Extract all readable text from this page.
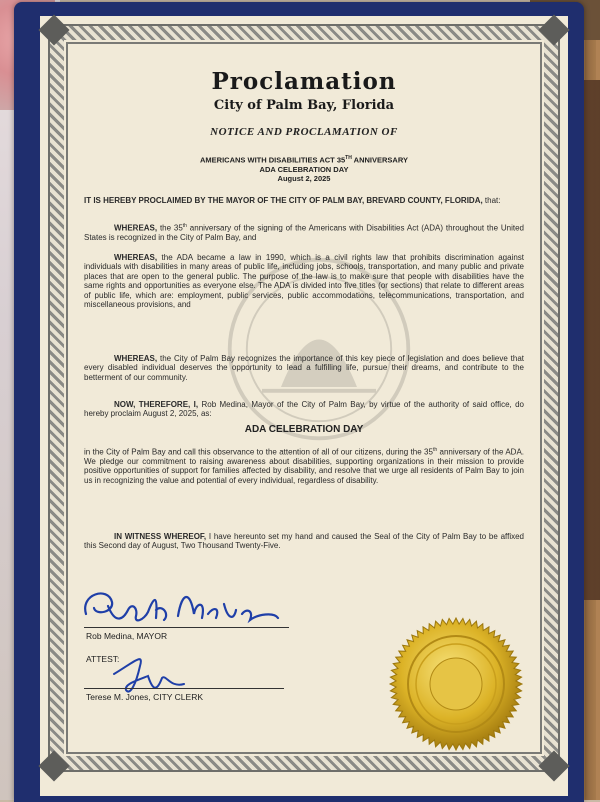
Proclamation
City of Palm Bay, Florida
NOTICE AND PROCLAMATION OF
AMERICANS WITH DISABILITIES ACT 35TH ANNIVERSARY
ADA CELEBRATION DAY
August 2, 2025
IT IS HEREBY PROCLAIMED BY THE MAYOR OF THE CITY OF PALM BAY, BREVARD COUNTY, FLORIDA, that:
WHEREAS, the 35th anniversary of the signing of the Americans with Disabilities Act (ADA) throughout the United States is recognized in the City of Palm Bay, and
WHEREAS, the ADA became a law in 1990, which is a civil rights law that prohibits discrimination against individuals with disabilities in many areas of public life, including jobs, schools, transportation, and many public and private places that are open to the general public. The purpose of the law is to make sure that people with disabilities have the same rights and opportunities as everyone else. The ADA is divided into five titles (or sections) that relate to different areas of public life, which are: employment, public services, public accommodations, telecommunications, transportation, and miscellaneous provisions, and
WHEREAS, the City of Palm Bay recognizes the importance of this key piece of legislation and does believe that every disabled individual deserves the opportunity to lead a fulfilling life, pursue their dreams, and contribute to the betterment of our community.
NOW, THEREFORE, I, Rob Medina, Mayor of the City of Palm Bay, by virtue of the authority of said office, do hereby proclaim August 2, 2025, as:
ADA CELEBRATION DAY
in the City of Palm Bay and call this observance to the attention of all of our citizens, during the 35th anniversary of the ADA. We pledge our commitment to raising awareness about disabilities, supporting organizations in their mission to provide positive opportunities of support for families affected by disability, and resolve that we urge all residents of Palm Bay to join us in recognizing the value and potential of every individual, regardless of disability.
IN WITNESS WHEREOF, I have hereunto set my hand and caused the Seal of the City of Palm Bay to be affixed this Second day of August, Two Thousand Twenty-Five.
Rob Medina, MAYOR
ATTEST:
Terese M. Jones, CITY CLERK
